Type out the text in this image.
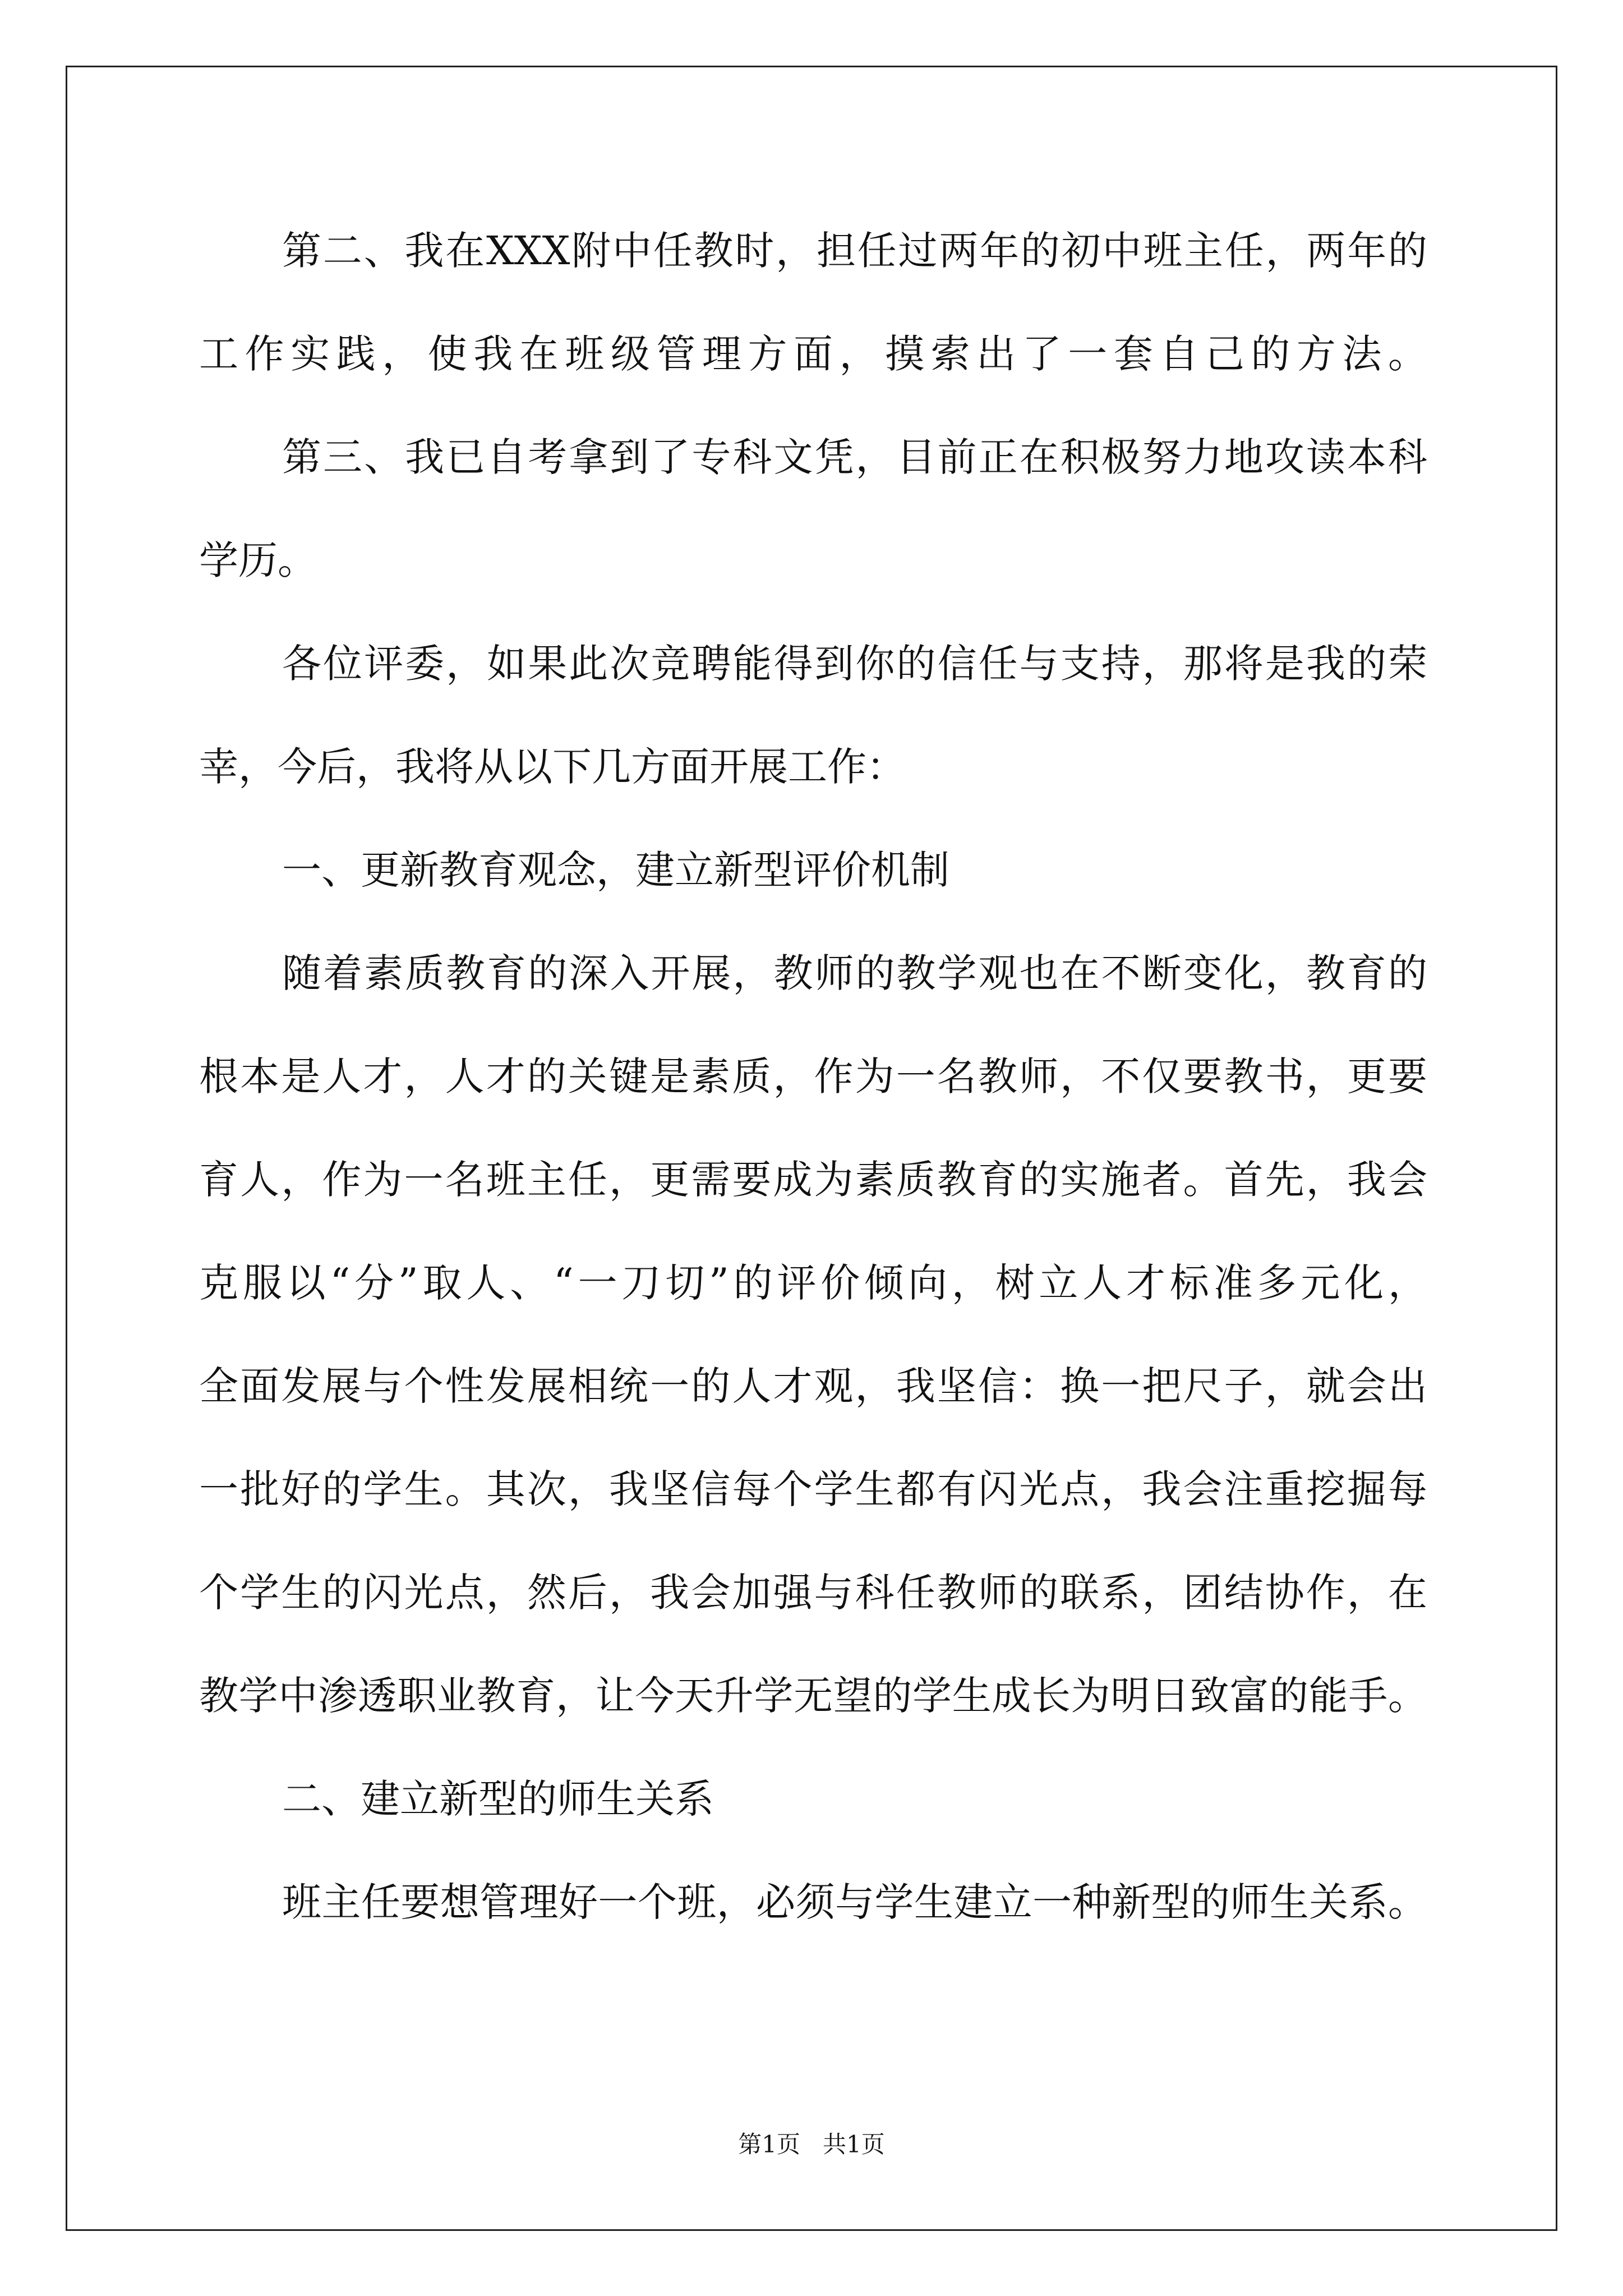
第二、我在XXX附中任教时，担任过两年的初中班主任，两年的
工作实践，使我在班级管理方面，摸索出了一套自己的方法。
第三、我已自考拿到了专科文凭，目前正在积极努力地攻读本科
学历。
各位评委，如果此次竞聘能得到你的信任与支持，那将是我的荣
幸，今后，我将从以下几方面开展工作：
一、更新教育观念，建立新型评价机制
随着素质教育的深入开展，教师的教学观也在不断变化，教育的
根本是人才，人才的关键是素质，作为一名教师，不仅要教书，更要
育人，作为一名班主任，更需要成为素质教育的实施者。首先，我会
克服以“分”取人、“一刀切”的评价倾向，树立人才标准多元化，
全面发展与个性发展相统一的人才观，我坚信：换一把尺子，就会出
一批好的学生。其次，我坚信每个学生都有闪光点，我会注重挖掘每
个学生的闪光点，然后，我会加强与科任教师的联系，团结协作，在
教学中渗透职业教育，让今天升学无望的学生成长为明日致富的能手。
二、建立新型的师生关系
班主任要想管理好一个班，必须与学生建立一种新型的师生关系。
第1页   共1页
